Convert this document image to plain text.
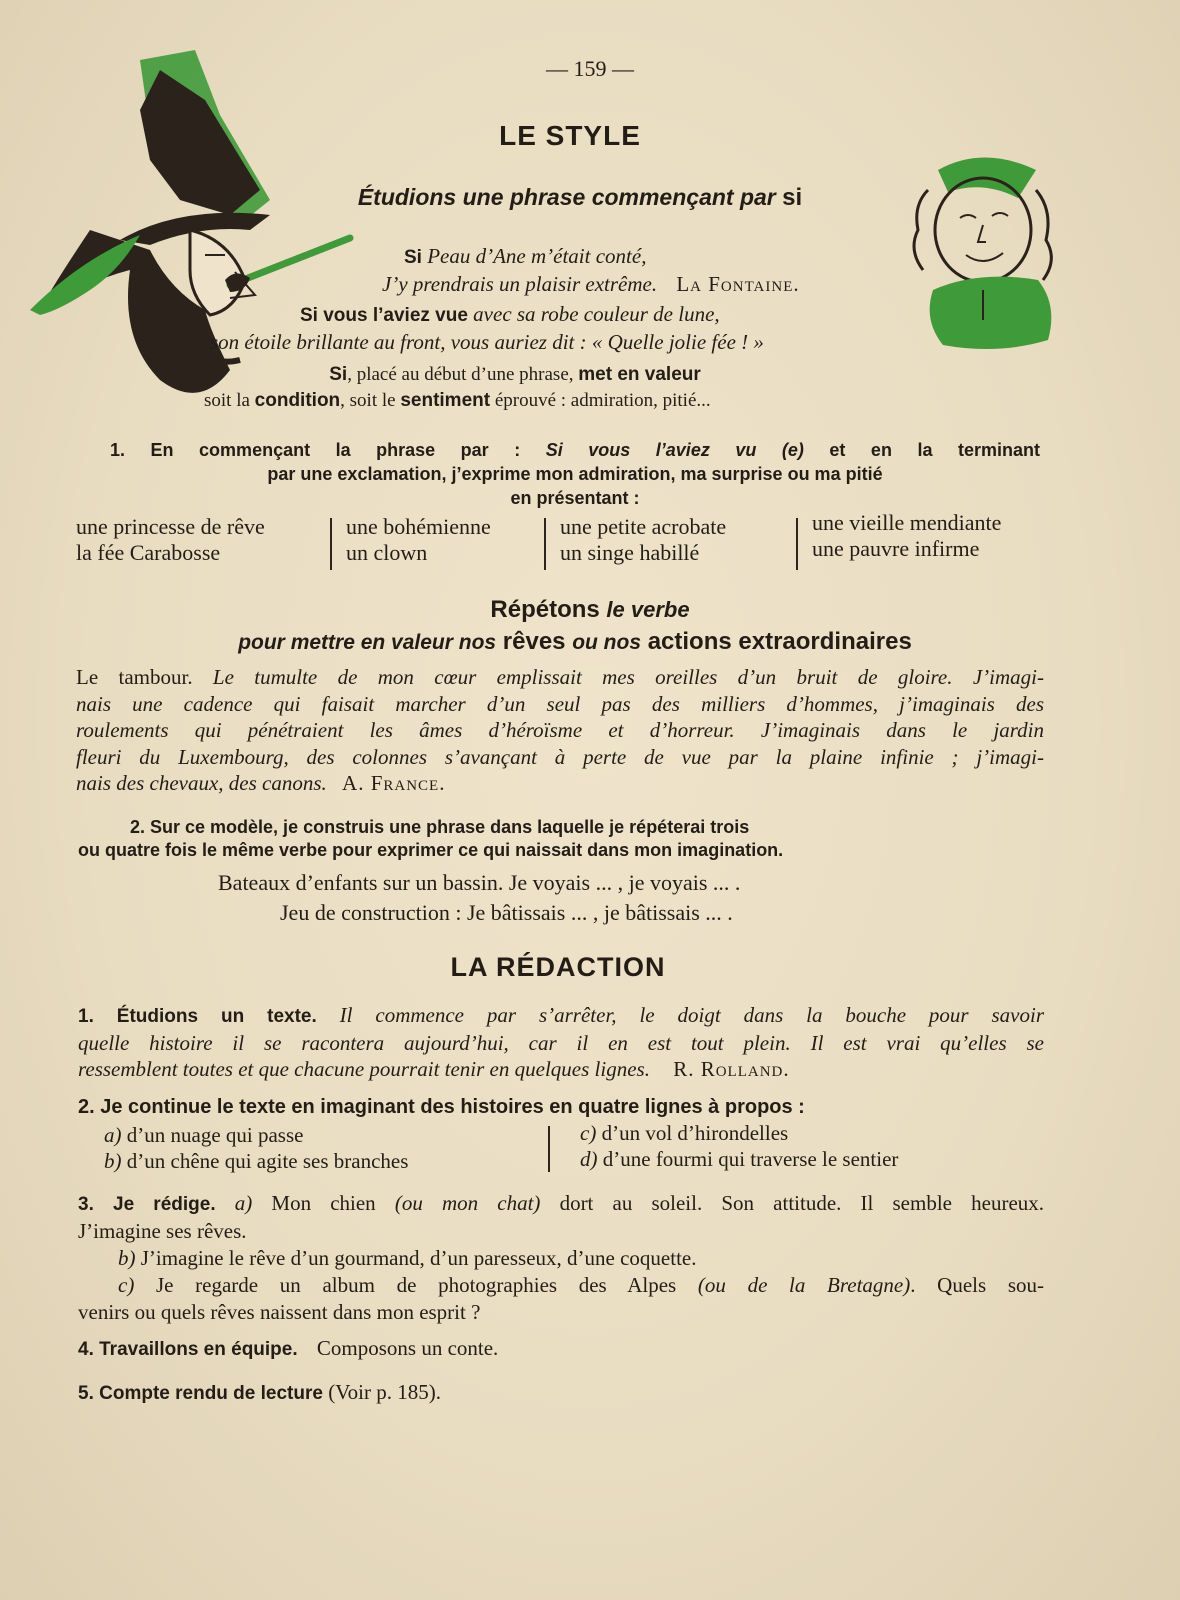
— 159 —
LE STYLE
Étudions une phrase commençant par si
Si Peau d’Ane m’était conté,
J’y prendrais un plaisir extrême. La Fontaine.
Si vous l’aviez vue avec sa robe couleur de lune,
son étoile brillante au front, vous auriez dit : « Quelle jolie fée ! »
Si, placé au début d’une phrase, met en valeur
soit la condition, soit le sentiment éprouvé : admiration, pitié...
1. En commençant la phrase par : Si vous l’aviez vu (e) et en la terminant
par une exclamation, j’exprime mon admiration, ma surprise ou ma pitié
en présentant :
une princesse de rêve
la fée Carabosse
une bohémienne
un clown
une petite acrobate
un singe habillé
une vieille mendiante
une pauvre infirme
Répétons le verbe
pour mettre en valeur nos rêves ou nos actions extraordinaires
Le tambour. Le tumulte de mon cœur emplissait mes oreilles d’un bruit de gloire. J’imagi-
nais une cadence qui faisait marcher d’un seul pas des milliers d’hommes, j’imaginais des
roulements qui pénétraient les âmes d’héroïsme et d’horreur. J’imaginais dans le jardin
fleuri du Luxembourg, des colonnes s’avançant à perte de vue par la plaine infinie ; j’imagi-
nais des chevaux, des canons. A. France.
2. Sur ce modèle, je construis une phrase dans laquelle je répéterai trois
ou quatre fois le même verbe pour exprimer ce qui naissait dans mon imagination.
Bateaux d’enfants sur un bassin. Je voyais ... , je voyais ... .
Jeu de construction : Je bâtissais ... , je bâtissais ... .
LA RÉDACTION
1. Étudions un texte. Il commence par s’arrêter, le doigt dans la bouche pour savoir
quelle histoire il se racontera aujourd’hui, car il en est tout plein. Il est vrai qu’elles se
ressemblent toutes et que chacune pourrait tenir en quelques lignes. R. Rolland.
2. Je continue le texte en imaginant des histoires en quatre lignes à propos :
a) d’un nuage qui passe
b) d’un chêne qui agite ses branches
c) d’un vol d’hirondelles
d) d’une fourmi qui traverse le sentier
3. Je rédige. a) Mon chien (ou mon chat) dort au soleil. Son attitude. Il semble heureux.
J’imagine ses rêves.
b) J’imagine le rêve d’un gourmand, d’un paresseux, d’une coquette.
c) Je regarde un album de photographies des Alpes (ou de la Bretagne). Quels sou-
venirs ou quels rêves naissent dans mon esprit ?
4. Travaillons en équipe. Composons un conte.
5. Compte rendu de lecture (Voir p. 185).
